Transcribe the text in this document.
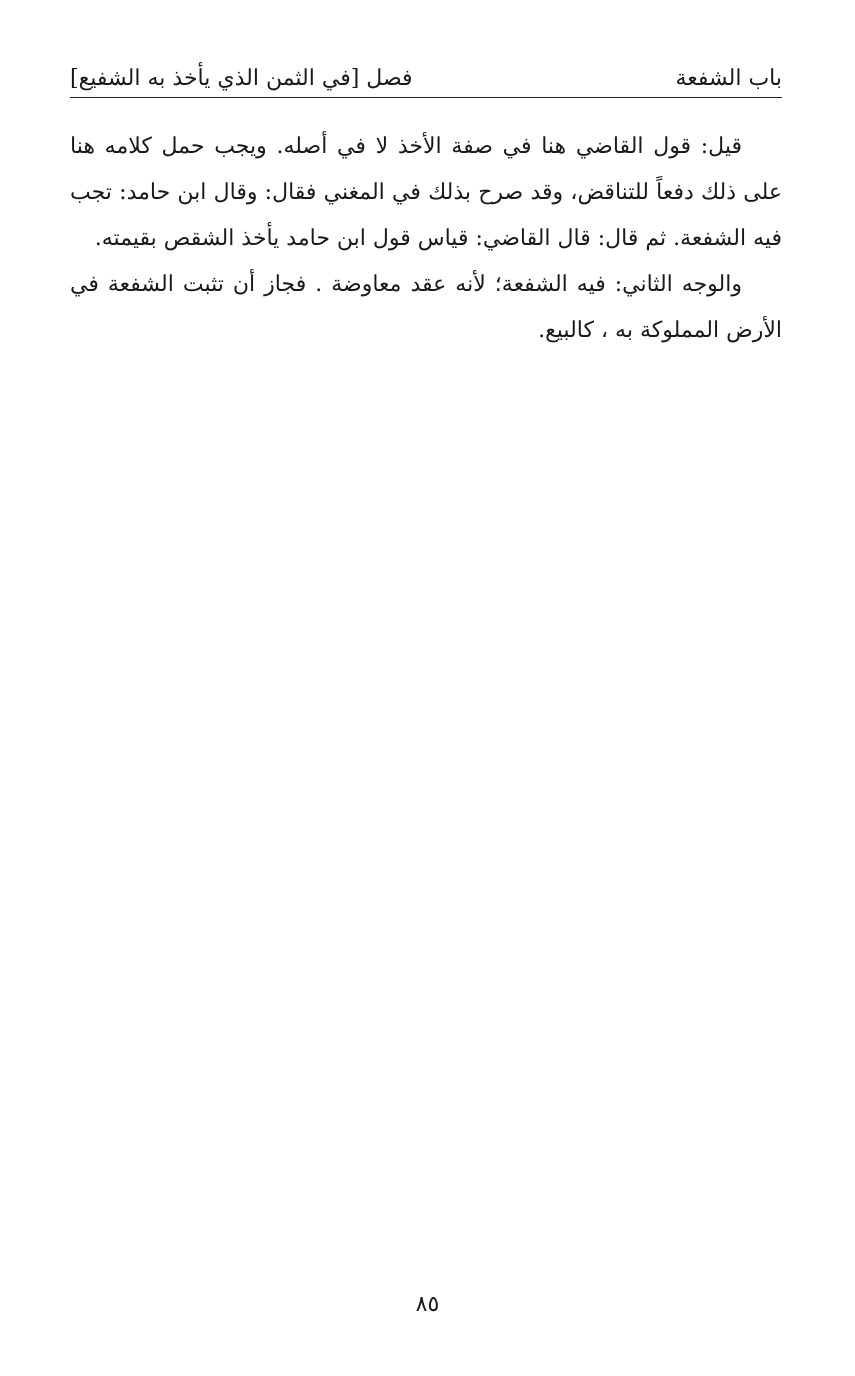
باب الشفعة
فصل [في الثمن الذي يأخذ به الشفيع]

قيل: قول القاضي هنا في صفة الأخذ لا في أصله. ويجب حمل كلامه هنا على ذلك دفعاً للتناقض، وقد صرح بذلك في المغني فقال: وقال ابن حامد: تجب فيه الشفعة. ثم قال: قال القاضي: قياس قول ابن حامد يأخذ الشقص بقيمته.

والوجه الثاني: فيه الشفعة؛ لأنه عقد معاوضة . فجاز أن تثبت الشفعة في الأرض المملوكة به ، كالبيع.

٨٥
